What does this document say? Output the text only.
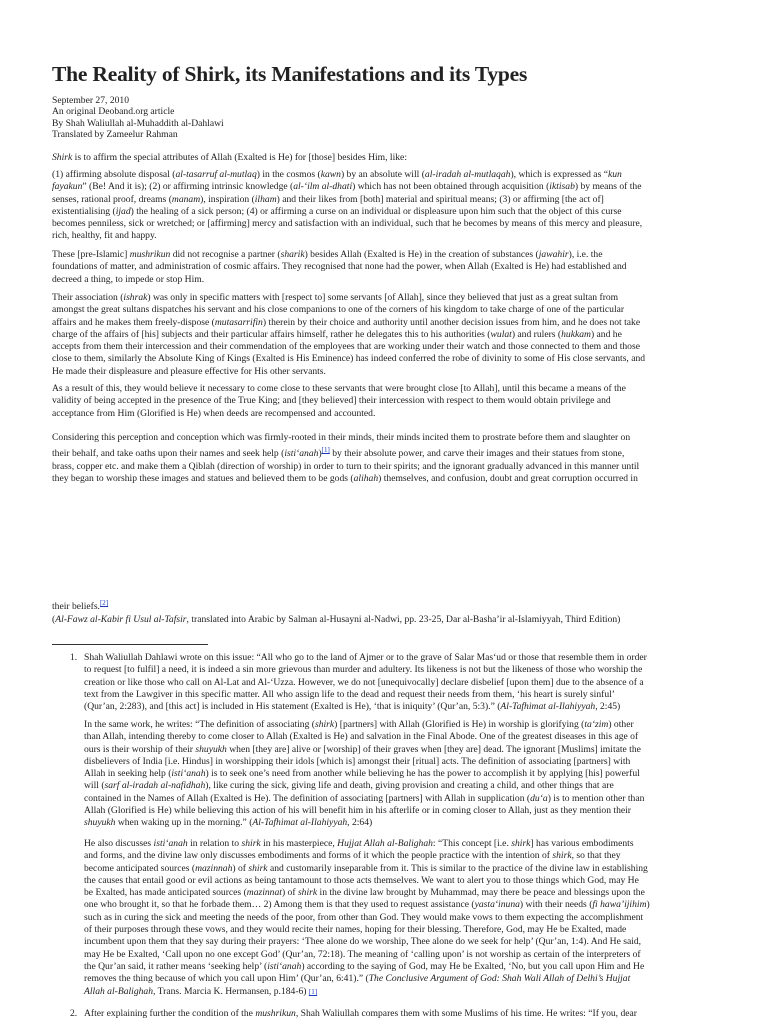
The Reality of Shirk, its Manifestations and its Types
September 27, 2010
An original Deoband.org article
By Shah Waliullah al-Muhaddith al-Dahlawi
Translated by Zameelur Rahman
Shirk is to affirm the special attributes of Allah (Exalted is He) for [those] besides Him, like:
(1) affirming absolute disposal (al-tasarruf al-mutlaq) in the cosmos (kawn) by an absolute will (al-iradah al-mutlaqah), which is expressed as “kun
fayakun” (Be! And it is); (2) or affirming intrinsic knowledge (al-‘ilm al-dhati) which has not been obtained through acquisition (iktisab) by means of the
senses, rational proof, dreams (manam), inspiration (ilham) and their likes from [both] material and spiritual means; (3) or affirming [the act of]
existentialising (ijad) the healing of a sick person; (4) or affirming a curse on an individual or displeasure upon him such that the object of this curse
becomes penniless, sick or wretched; or [affirming] mercy and satisfaction with an individual, such that he becomes by means of this mercy and pleasure,
rich, healthy, fit and happy.
These [pre-Islamic] mushrikun did not recognise a partner (sharik) besides Allah (Exalted is He) in the creation of substances (jawahir), i.e. the
foundations of matter, and administration of cosmic affairs. They recognised that none had the power, when Allah (Exalted is He) had established and
decreed a thing, to impede or stop Him.
Their association (ishrak) was only in specific matters with [respect to] some servants [of Allah], since they believed that just as a great sultan from
amongst the great sultans dispatches his servant and his close companions to one of the corners of his kingdom to take charge of one of the particular
affairs and he makes them freely-dispose (mutasarrifin) therein by their choice and authority until another decision issues from him, and he does not take
charge of the affairs of [his] subjects and their particular affairs himself, rather he delegates this to his authorities (wulat) and rulers (hukkam) and he
accepts from them their intercession and their commendation of the employees that are working under their watch and those connected to them and those
close to them, similarly the Absolute King of Kings (Exalted is His Eminence) has indeed conferred the robe of divinity to some of His close servants, and
He made their displeasure and pleasure effective for His other servants.
As a result of this, they would believe it necessary to come close to these servants that were brought close [to Allah], until this became a means of the
validity of being accepted in the presence of the True King; and [they believed] their intercession with respect to them would obtain privilege and
acceptance from Him (Glorified is He) when deeds are recompensed and accounted.
Considering this perception and conception which was firmly-rooted in their minds, their minds incited them to prostrate before them and slaughter on
their behalf, and take oaths upon their names and seek help (isti‘anah)[1] by their absolute power, and carve their images and their statues from stone,
brass, copper etc. and make them a Qiblah (direction of worship) in order to turn to their spirits; and the ignorant gradually advanced in this manner until
they began to worship these images and statues and believed them to be gods (alihah) themselves, and confusion, doubt and great corruption occurred in
their beliefs.[2]
(Al-Fawz al-Kabir fi Usul al-Tafsir, translated into Arabic by Salman al-Husayni al-Nadwi, pp. 23-25, Dar al-Basha’ir al-Islamiyyah, Third Edition)
1. Shah Waliullah Dahlawi wrote on this issue: “All who go to the land of Ajmer or to the grave of Salar Mas‘ud or those that resemble them in order
to request [to fulfil] a need, it is indeed a sin more grievous than murder and adultery. Its likeness is not but the likeness of those who worship the
creation or like those who call on Al-Lat and Al-‘Uzza. However, we do not [unequivocally] declare disbelief [upon them] due to the absence of a
text from the Lawgiver in this specific matter. All who assign life to the dead and request their needs from them, ‘his heart is surely sinful’
(Qur’an, 2:283), and [this act] is included in His statement (Exalted is He), ‘that is iniquity’ (Qur’an, 5:3).” (Al-Tafhimat al-Ilahiyyah, 2:45)
In the same work, he writes: “The definition of associating (shirk) [partners] with Allah (Glorified is He) in worship is glorifying (ta‘zim) other
than Allah, intending thereby to come closer to Allah (Exalted is He) and salvation in the Final Abode. One of the greatest diseases in this age of
ours is their worship of their shuyukh when [they are] alive or [worship] of their graves when [they are] dead. The ignorant [Muslims] imitate the
disbelievers of India [i.e. Hindus] in worshipping their idols [which is] amongst their [ritual] acts. The definition of associating [partners] with
Allah in seeking help (isti‘anah) is to seek one’s need from another while believing he has the power to accomplish it by applying [his] powerful
will (sarf al-iradah al-nafidhah), like curing the sick, giving life and death, giving provision and creating a child, and other things that are
contained in the Names of Allah (Exalted is He). The definition of associating [partners] with Allah in supplication (du‘a) is to mention other than
Allah (Glorified is He) while believing this action of his will benefit him in his afterlife or in coming closer to Allah, just as they mention their
shuyukh when waking up in the morning.” (Al-Tafhimat al-Ilahiyyah, 2:64)
He also discusses isti‘anah in relation to shirk in his masterpiece, Hujjat Allah al-Balighah: “This concept [i.e. shirk] has various embodiments
and forms, and the divine law only discusses embodiments and forms of it which the people practice with the intention of shirk, so that they
become anticipated sources (mazinnah) of shirk and customarily inseparable from it. This is similar to the practice of the divine law in establishing
the causes that entail good or evil actions as being tantamount to those acts themselves. We want to alert you to those things which God, may He
be Exalted, has made anticipated sources (mazinnat) of shirk in the divine law brought by Muhammad, may there be peace and blessings upon the
one who brought it, so that he forbade them… 2) Among them is that they used to request assistance (yasta‘inuna) with their needs (fi hawa’ijihim)
such as in curing the sick and meeting the needs of the poor, from other than God. They would make vows to them expecting the accomplishment
of their purposes through these vows, and they would recite their names, hoping for their blessing. Therefore, God, may He be Exalted, made
incumbent upon them that they say during their prayers: ‘Thee alone do we worship, Thee alone do we seek for help’ (Qur’an, 1:4). And He said,
may He be Exalted, ‘Call upon no one except God’ (Qur’an, 72:18). The meaning of ‘calling upon’ is not worship as certain of the interpreters of
the Qur’an said, it rather means ‘seeking help’ (isti‘anah) according to the saying of God, may He be Exalted, ‘No, but you call upon Him and He
removes the thing because of which you call upon Him’ (Qur’an, 6:41).” (The Conclusive Argument of God: Shah Wali Allah of Delhi’s Hujjat
Allah al-Balighah, Trans. Marcia K. Hermansen, p.184-6) [1]
2. After explaining further the condition of the mushrikun, Shah Waliullah compares them with some Muslims of his time. He writes: “If you, dear
